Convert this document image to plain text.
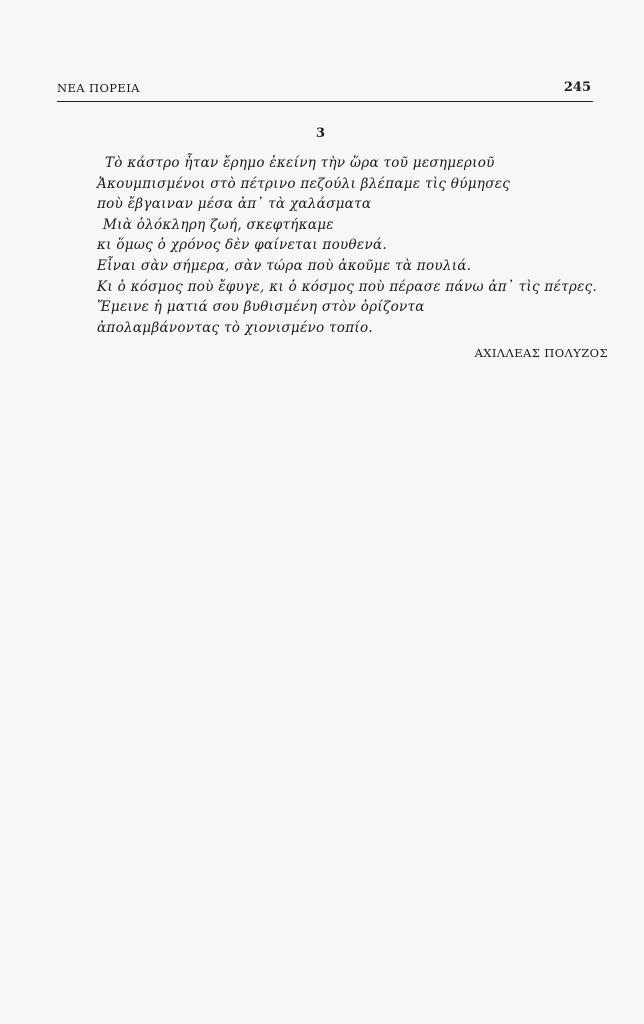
ΝΕΑ ΠΟΡΕΙΑ	245
3
Τὸ κάστρο ἦταν ἔρημο ἐκείνη τὴν ὥρα τοῦ μεσημεριοῦ
Ἀκουμπισμένοι στὸ πέτρινο πεζούλι βλέπαμε τὶς θύμησες
ποὺ ἔβγαιναν μέσα ἀπ᾽ τὰ χαλάσματα
Μιὰ ὁλόκληρη ζωή, σκεφτήκαμε
κι ὅμως ὁ χρόνος δὲν φαίνεται πουθενά.
Εἶναι σὰν σήμερα, σὰν τώρα ποὺ ἀκοῦμε τὰ πουλιά.
Κι ὁ κόσμος ποὺ ἔφυγε, κι ὁ κόσμος ποὺ πέρασε πάνω ἀπ᾽ τὶς πέτρες.
Ἔμεινε ἡ ματιά σου βυθισμένη στὸν ὁρίζοντα
ἀπολαμβάνοντας τὸ χιονισμένο τοπίο.
ΑΧΙΛΛΕΑΣ ΠΟΛΥΖΟΣ
